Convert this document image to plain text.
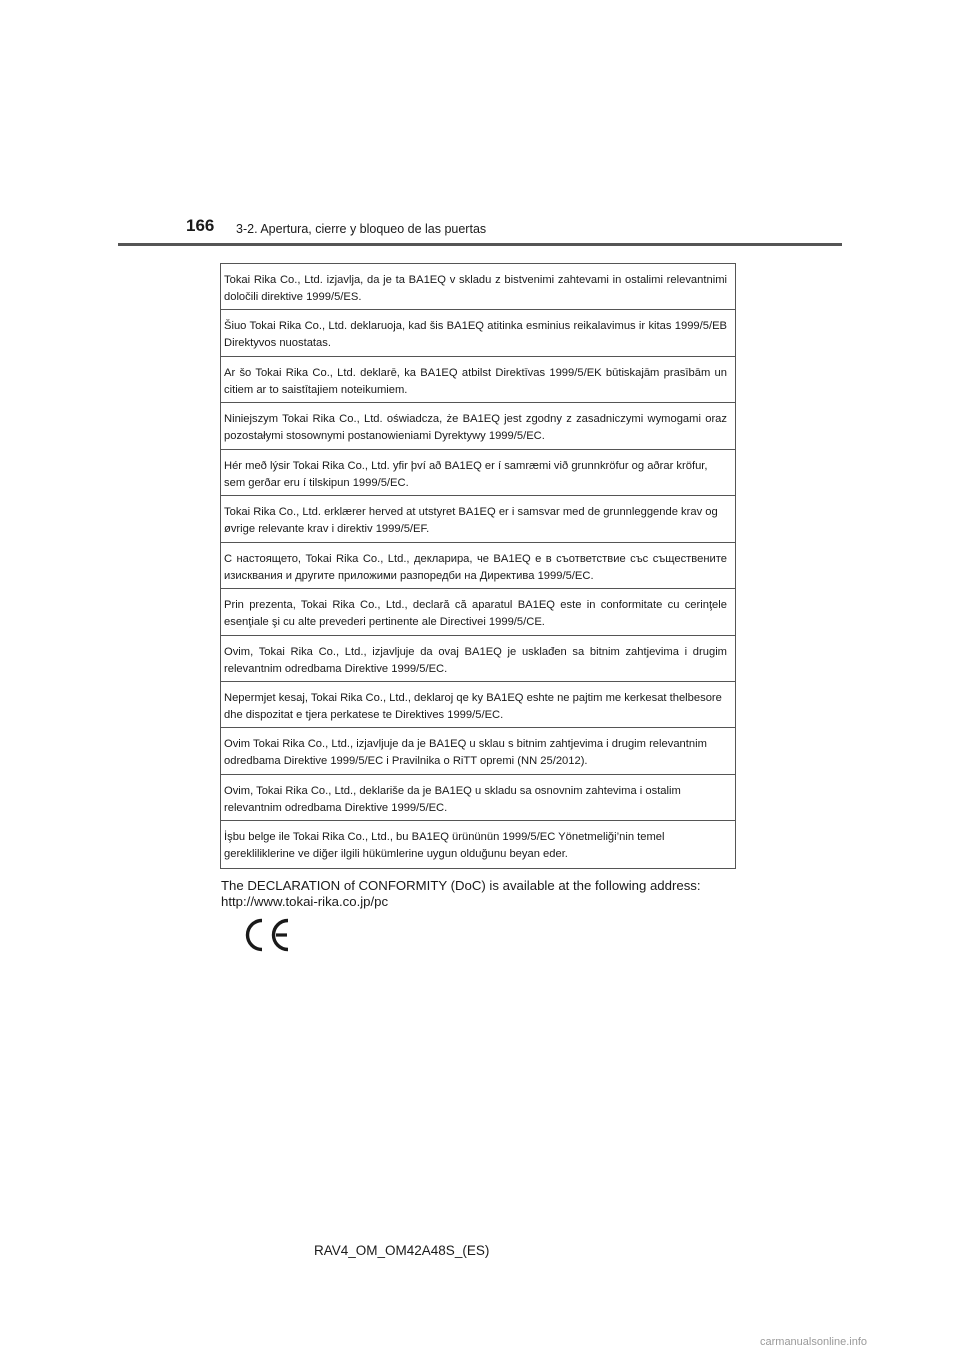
166 3-2. Apertura, cierre y bloqueo de las puertas
Tokai Rika Co., Ltd. izjavlja, da je ta BA1EQ v skladu z bistvenimi zahtevami in ostalimi relevantnimi določili direktive 1999/5/ES.
Šiuo Tokai Rika Co., Ltd. deklaruoja, kad šis BA1EQ atitinka esminius reikalavimus ir kitas 1999/5/EB Direktyvos nuostatas.
Ar šo Tokai Rika Co., Ltd. deklarē, ka BA1EQ atbilst Direktīvas 1999/5/EK būtiskajām prasībām un citiem ar to saistītajiem noteikumiem.
Niniejszym Tokai Rika Co., Ltd. oświadcza, że BA1EQ jest zgodny z zasadniczymi wymogami oraz pozostałymi stosownymi postanowieniami Dyrektywy 1999/5/EC.
Hér með lýsir Tokai Rika Co., Ltd. yfir því að BA1EQ er í samræmi við grunnkröfur og aðrar kröfur, sem gerðar eru í tilskipun 1999/5/EC.
Tokai Rika Co., Ltd. erklærer herved at utstyret BA1EQ er i samsvar med de grunnleggende krav og øvrige relevante krav i direktiv 1999/5/EF.
С настоящето, Tokai Rika Co., Ltd., декларира, че BA1EQ е в съответствие със съществените изисквания и другите приложими разпоредби на Директива 1999/5/ЕС.
Prin prezenta, Tokai Rika Co., Ltd., declară că aparatul BA1EQ este in conformitate cu cerinţele esenţiale şi cu alte prevederi pertinente ale Directivei 1999/5/CE.
Ovim, Tokai Rika Co., Ltd., izjavljuje da ovaj BA1EQ je usklađen sa bitnim zahtjevima i drugim relevantnim odredbama Direktive 1999/5/EC.
Nepermjet kesaj, Tokai Rika Co., Ltd., deklaroj qe ky BA1EQ eshte ne pajtim me kerkesat thelbesore dhe dispozitat e tjera perkatese te Direktives 1999/5/EC.
Ovim Tokai Rika Co., Ltd., izjavljuje da je BA1EQ u sklau s bitnim zahtjevima i drugim relevantnim odredbama Direktive 1999/5/EC i Pravilnika o RiTT opremi (NN 25/2012).
Ovim, Tokai Rika Co., Ltd., deklariše da je BA1EQ u skladu sa osnovnim zahtevima i ostalim relevantnim odredbama Direktive 1999/5/EC.
İşbu belge ile Tokai Rika Co., Ltd., bu BA1EQ ürününün 1999/5/EC Yönetmeliği’nin temel gerekliliklerine ve diğer ilgili hükümlerine uygun olduğunu beyan eder.
The DECLARATION of CONFORMITY (DoC) is available at the following address:
http://www.tokai-rika.co.jp/pc
RAV4_OM_OM42A48S_(ES)
carmanualsonline.info
